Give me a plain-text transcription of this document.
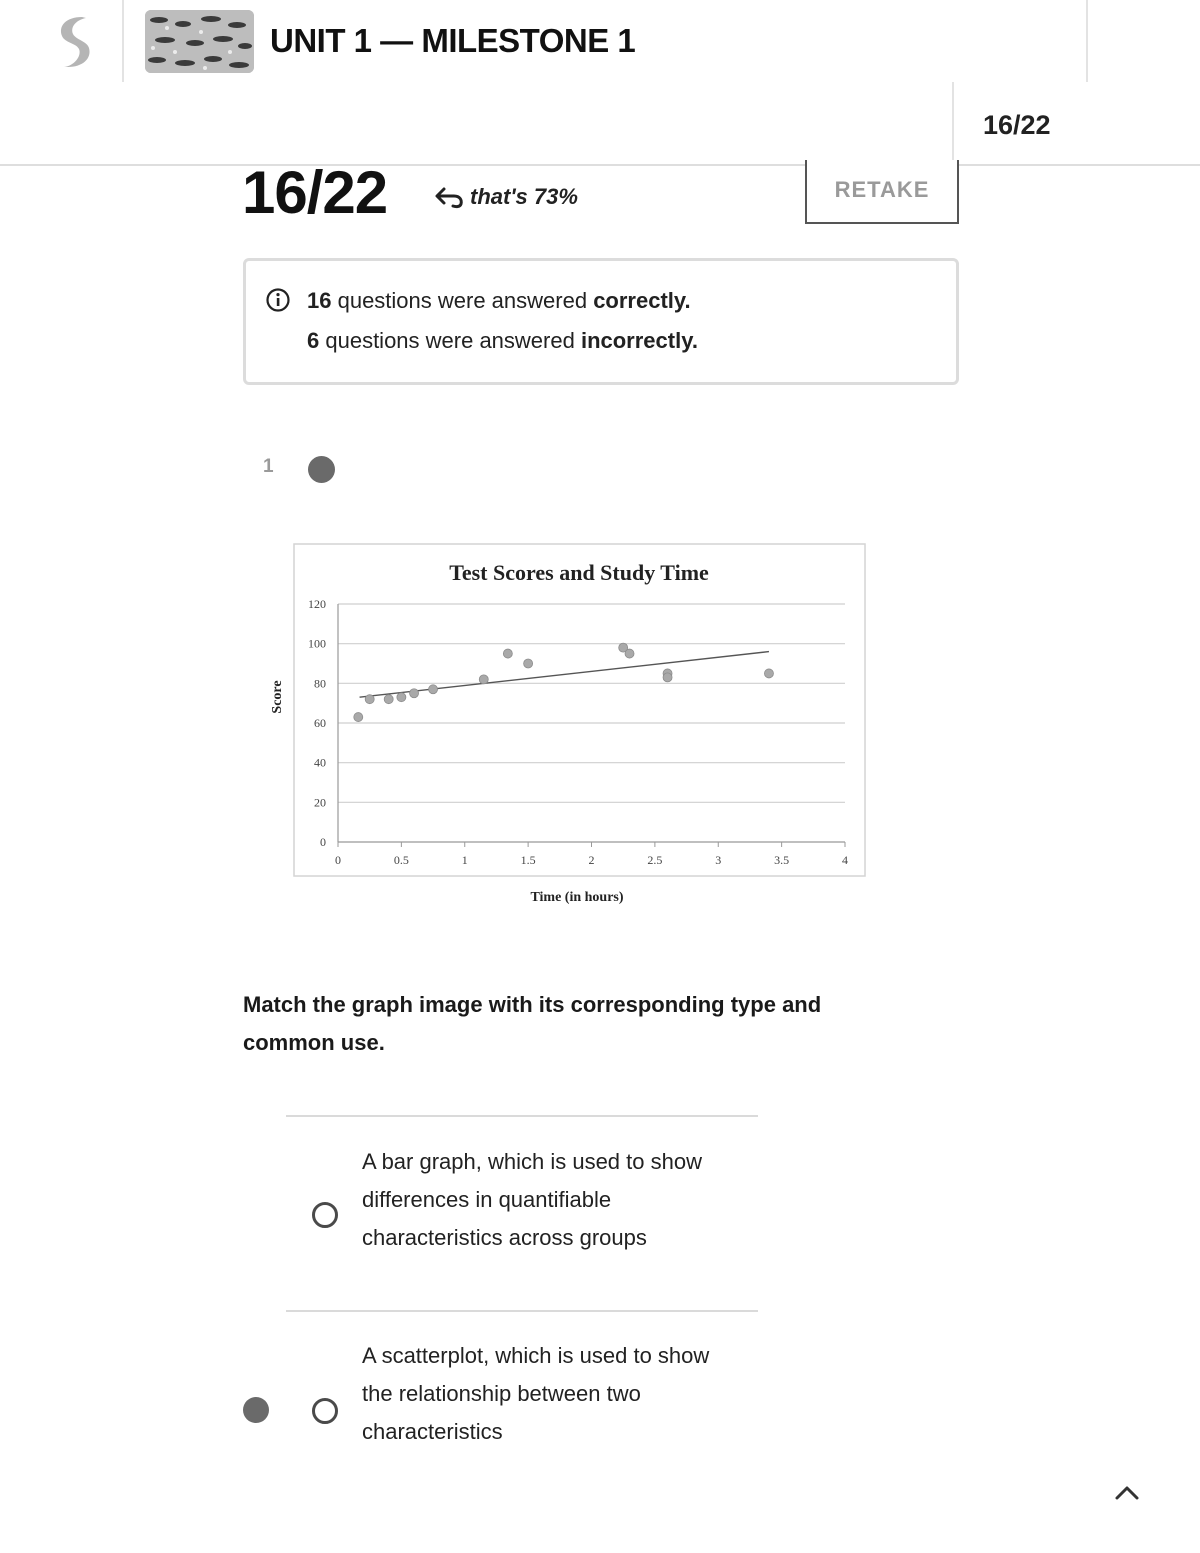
UNIT 1 — MILESTONE 1
16/22
16/22	that's 73%	RETAKE
16 questions were answered correctly.
6 questions were answered incorrectly.
1
Test Scores and Study Time
Score
Time (in hours)
0
20
40
60
80
100
120
0	0.5	1	1.5	2	2.5	3	3.5	4
Match the graph image with its corresponding type and common use.
A bar graph, which is used to show differences in quantifiable characteristics across groups
A scatterplot, which is used to show the relationship between two characteristics
